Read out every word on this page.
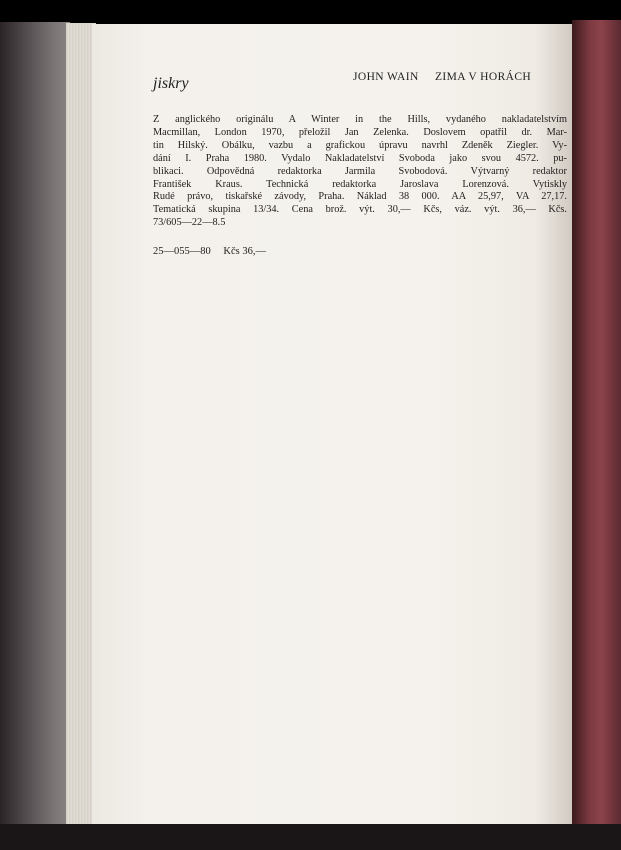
jiskry	JOHN WAIN ZIMA V HORÁCH
Z anglického originálu A Winter in the Hills, vydaného nakladatelstvím
Macmillan, London 1970, přeložil Jan Zelenka. Doslovem opatřil dr. Mar-
tin Hilský. Obálku, vazbu a grafickou úpravu navrhl Zdeněk Ziegler. Vy-
dání I. Praha 1980. Vydalo Nakladatelství Svoboda jako svou 4572. pu-
blikaci. Odpovědná redaktorka Jarmila Svobodová. Výtvarný redaktor
František Kraus. Technická redaktorka Jaroslava Lorenzová. Vytiskly
Rudé právo, tiskařské závody, Praha. Náklad 38 000. AA 25,97, VA 27,17.
Tematická skupina 13/34. Cena brož. výt. 30,— Kčs, váz. výt. 36,— Kčs.
73/605—22—8.5
25—055—80 Kčs 36,—
